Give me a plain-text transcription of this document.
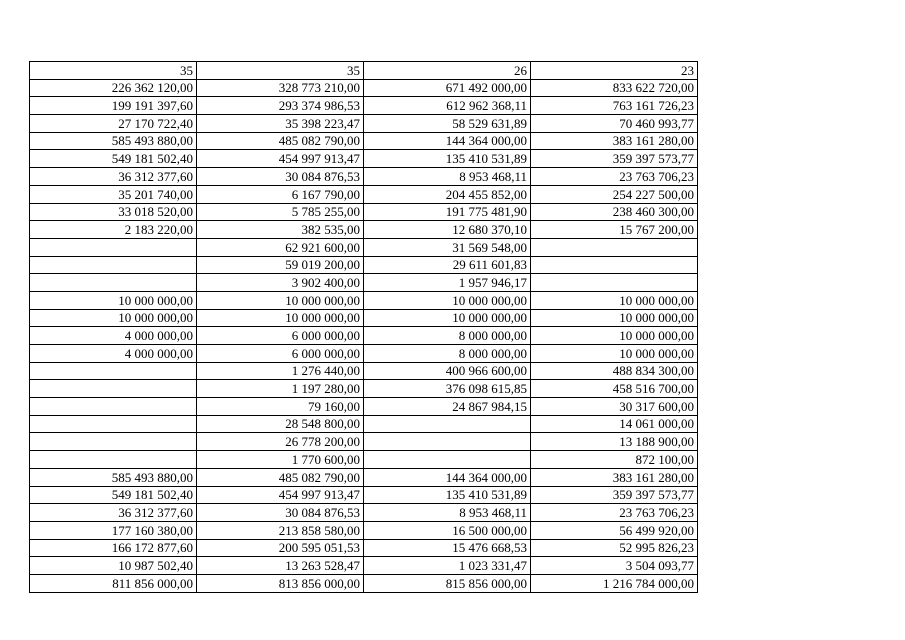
35	35	26	23
226 362 120,00	328 773 210,00	671 492 000,00	833 622 720,00
199 191 397,60	293 374 986,53	612 962 368,11	763 161 726,23
27 170 722,40	35 398 223,47	58 529 631,89	70 460 993,77
585 493 880,00	485 082 790,00	144 364 000,00	383 161 280,00
549 181 502,40	454 997 913,47	135 410 531,89	359 397 573,77
36 312 377,60	30 084 876,53	8 953 468,11	23 763 706,23
35 201 740,00	6 167 790,00	204 455 852,00	254 227 500,00
33 018 520,00	5 785 255,00	191 775 481,90	238 460 300,00
2 183 220,00	382 535,00	12 680 370,10	15 767 200,00
	62 921 600,00	31 569 548,00	
	59 019 200,00	29 611 601,83	
	3 902 400,00	1 957 946,17	
10 000 000,00	10 000 000,00	10 000 000,00	10 000 000,00
10 000 000,00	10 000 000,00	10 000 000,00	10 000 000,00
4 000 000,00	6 000 000,00	8 000 000,00	10 000 000,00
4 000 000,00	6 000 000,00	8 000 000,00	10 000 000,00
	1 276 440,00	400 966 600,00	488 834 300,00
	1 197 280,00	376 098 615,85	458 516 700,00
	79 160,00	24 867 984,15	30 317 600,00
	28 548 800,00		14 061 000,00
	26 778 200,00		13 188 900,00
	1 770 600,00		872 100,00
585 493 880,00	485 082 790,00	144 364 000,00	383 161 280,00
549 181 502,40	454 997 913,47	135 410 531,89	359 397 573,77
36 312 377,60	30 084 876,53	8 953 468,11	23 763 706,23
177 160 380,00	213 858 580,00	16 500 000,00	56 499 920,00
166 172 877,60	200 595 051,53	15 476 668,53	52 995 826,23
10 987 502,40	13 263 528,47	1 023 331,47	3 504 093,77
811 856 000,00	813 856 000,00	815 856 000,00	1 216 784 000,00
